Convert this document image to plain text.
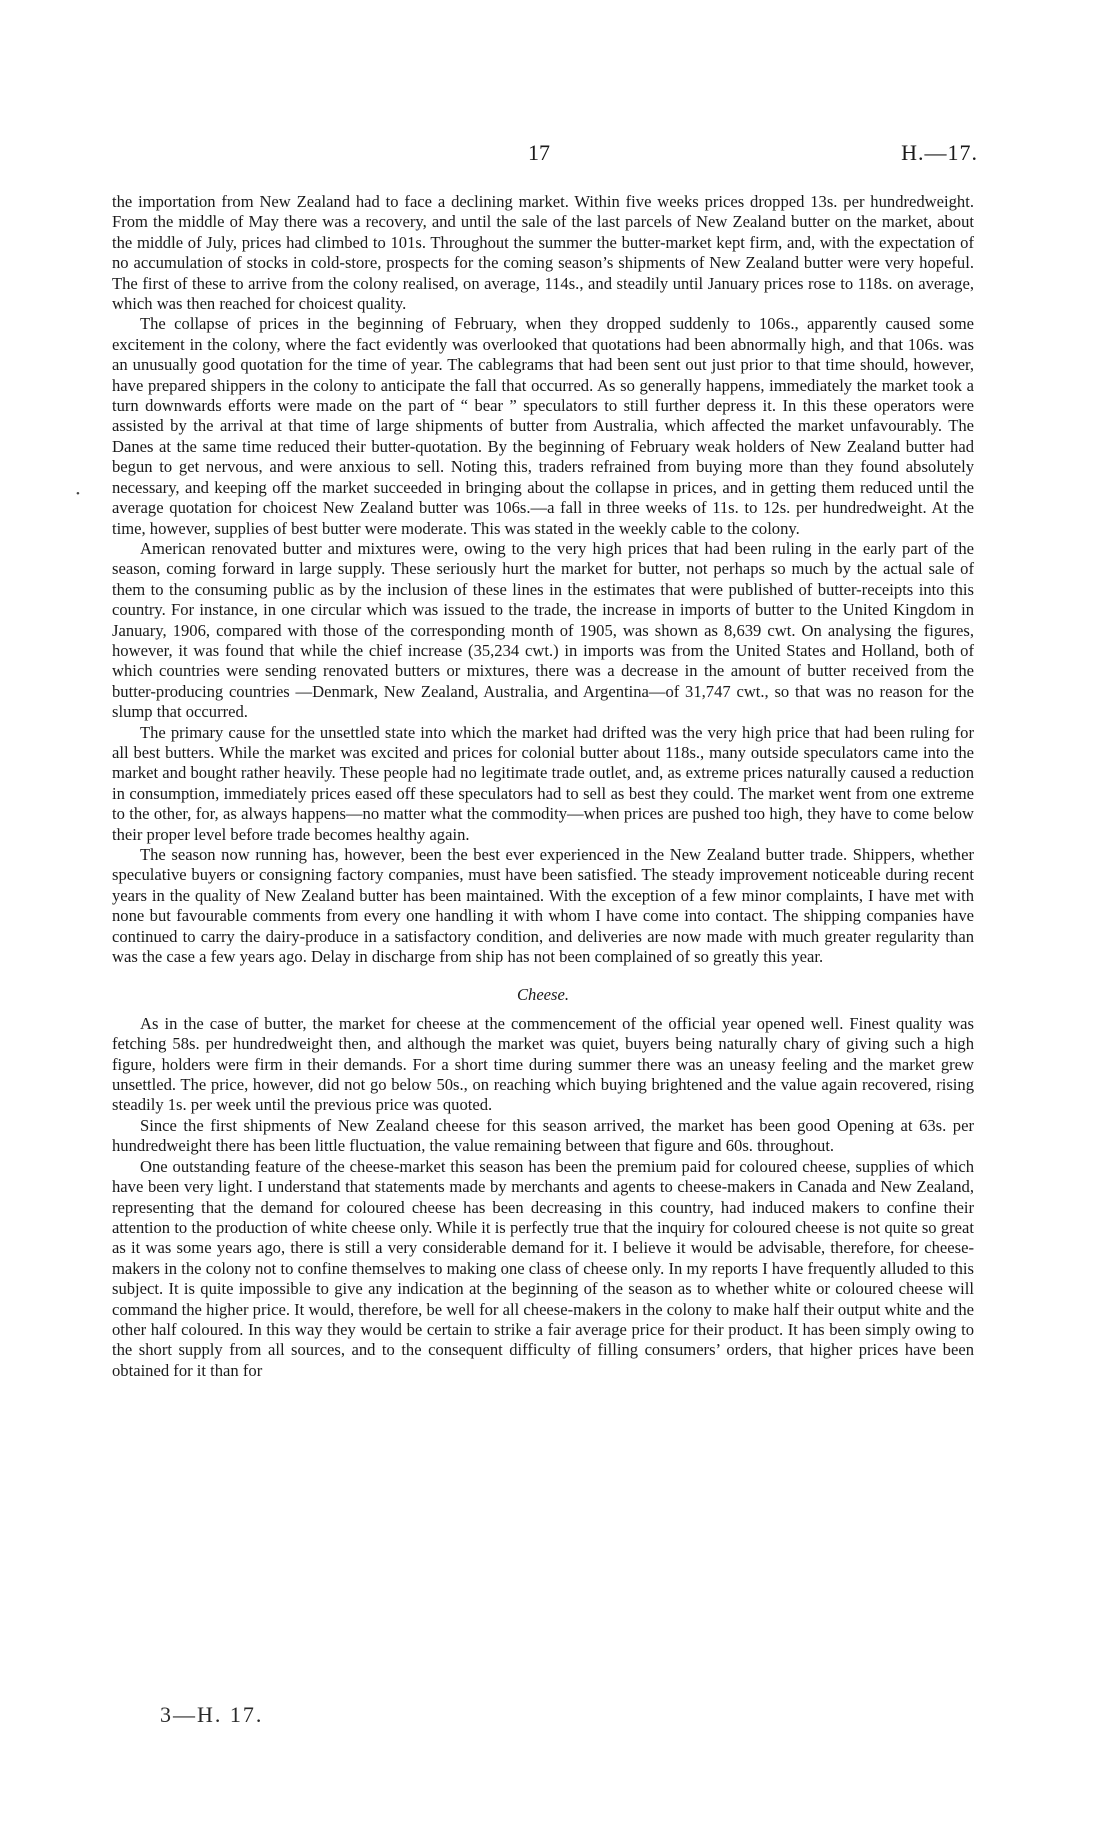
17	H.—17.
•

the importation from New Zealand had to face a declining market. Within five weeks prices dropped 13s. per hundredweight. From the middle of May there was a recovery, and until the sale of the last parcels of New Zealand butter on the market, about the middle of July, prices had climbed to 101s. Throughout the summer the butter-market kept firm, and, with the expectation of no accumulation of stocks in cold-store, prospects for the coming season’s shipments of New Zealand butter were very hopeful. The first of these to arrive from the colony realised, on average, 114s., and steadily until January prices rose to 118s. on average, which was then reached for choicest quality.

The collapse of prices in the beginning of February, when they dropped suddenly to 106s., apparently caused some excitement in the colony, where the fact evidently was overlooked that quotations had been abnormally high, and that 106s. was an unusually good quotation for the time of year. The cablegrams that had been sent out just prior to that time should, however, have prepared shippers in the colony to anticipate the fall that occurred. As so generally happens, immediately the market took a turn downwards efforts were made on the part of “ bear ” speculators to still further depress it. In this these operators were assisted by the arrival at that time of large shipments of butter from Australia, which affected the market unfavourably. The Danes at the same time reduced their butter-quotation. By the beginning of February weak holders of New Zealand butter had begun to get nervous, and were anxious to sell. Noting this, traders refrained from buying more than they found absolutely necessary, and keeping off the market succeeded in bringing about the collapse in prices, and in getting them reduced until the average quotation for choicest New Zealand butter was 106s.—a fall in three weeks of 11s. to 12s. per hundredweight. At the time, however, supplies of best butter were moderate. This was stated in the weekly cable to the colony.

American renovated butter and mixtures were, owing to the very high prices that had been ruling in the early part of the season, coming forward in large supply. These seriously hurt the market for butter, not perhaps so much by the actual sale of them to the consuming public as by the inclusion of these lines in the estimates that were published of butter-receipts into this country. For instance, in one circular which was issued to the trade, the increase in imports of butter to the United Kingdom in January, 1906, compared with those of the corresponding month of 1905, was shown as 8,639 cwt. On analysing the figures, however, it was found that while the chief increase (35,234 cwt.) in imports was from the United States and Holland, both of which countries were sending renovated butters or mixtures, there was a decrease in the amount of butter received from the butter-producing countries —Denmark, New Zealand, Australia, and Argentina—of 31,747 cwt., so that was no reason for the slump that occurred.

The primary cause for the unsettled state into which the market had drifted was the very high price that had been ruling for all best butters. While the market was excited and prices for colonial butter about 118s., many outside speculators came into the market and bought rather heavily. These people had no legitimate trade outlet, and, as extreme prices naturally caused a reduction in consumption, immediately prices eased off these speculators had to sell as best they could. The market went from one extreme to the other, for, as always happens—no matter what the commodity—when prices are pushed too high, they have to come below their proper level before trade becomes healthy again.

The season now running has, however, been the best ever experienced in the New Zealand butter trade. Shippers, whether speculative buyers or consigning factory companies, must have been satisfied. The steady improvement noticeable during recent years in the quality of New Zealand butter has been maintained. With the exception of a few minor complaints, I have met with none but favourable comments from every one handling it with whom I have come into contact. The shipping companies have continued to carry the dairy-produce in a satisfactory condition, and deliveries are now made with much greater regularity than was the case a few years ago. Delay in discharge from ship has not been complained of so greatly this year.

Cheese.

As in the case of butter, the market for cheese at the commencement of the official year opened well. Finest quality was fetching 58s. per hundredweight then, and although the market was quiet, buyers being naturally chary of giving such a high figure, holders were firm in their demands. For a short time during summer there was an uneasy feeling and the market grew unsettled. The price, however, did not go below 50s., on reaching which buying brightened and the value again recovered, rising steadily 1s. per week until the previous price was quoted.

Since the first shipments of New Zealand cheese for this season arrived, the market has been good Opening at 63s. per hundredweight there has been little fluctuation, the value remaining between that figure and 60s. throughout.

One outstanding feature of the cheese-market this season has been the premium paid for coloured cheese, supplies of which have been very light. I understand that statements made by merchants and agents to cheese-makers in Canada and New Zealand, representing that the demand for coloured cheese has been decreasing in this country, had induced makers to confine their attention to the production of white cheese only. While it is perfectly true that the inquiry for coloured cheese is not quite so great as it was some years ago, there is still a very considerable demand for it. I believe it would be advisable, therefore, for cheese-makers in the colony not to confine themselves to making one class of cheese only. In my reports I have frequently alluded to this subject. It is quite impossible to give any indication at the beginning of the season as to whether white or coloured cheese will command the higher price. It would, therefore, be well for all cheese-makers in the colony to make half their output white and the other half coloured. In this way they would be certain to strike a fair average price for their product. It has been simply owing to the short supply from all sources, and to the consequent difficulty of filling consumers’ orders, that higher prices have been obtained for it than for

3—H. 17.
